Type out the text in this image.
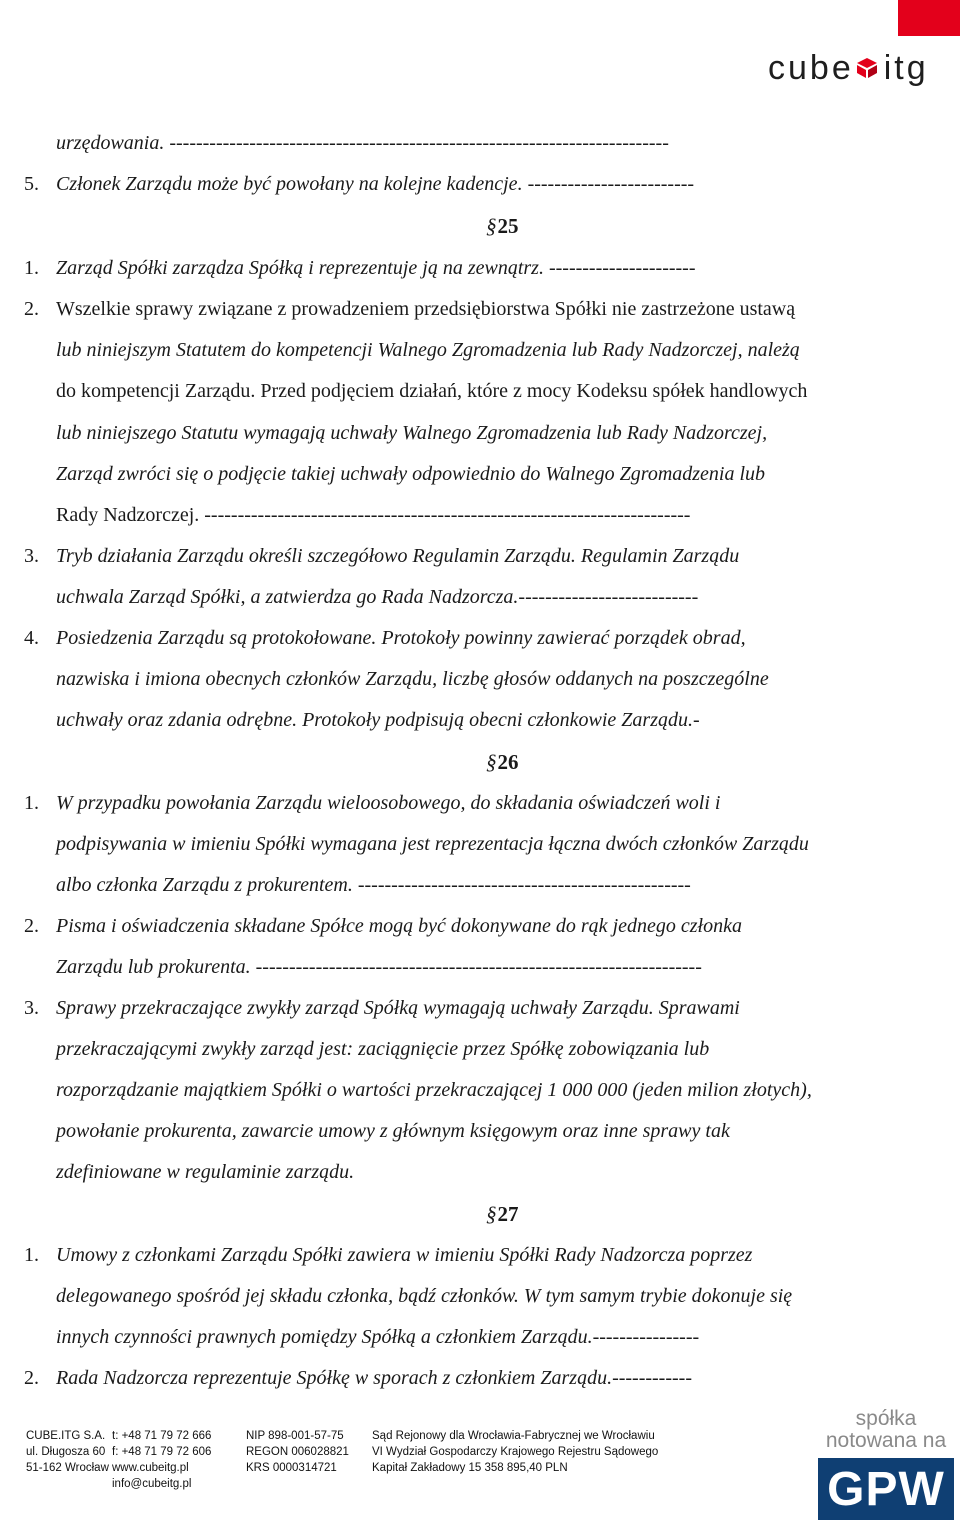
cube itg
urzędowania. ---------------------------------------------------------------------------
5. Członek Zarządu może być powołany na kolejne kadencje. -------------------------
§25
1. Zarząd Spółki zarządza Spółką i reprezentuje ją na zewnątrz. ----------------------
2. Wszelkie sprawy związane z prowadzeniem przedsiębiorstwa Spółki nie zastrzeżone ustawą
lub niniejszym Statutem do kompetencji Walnego Zgromadzenia lub Rady Nadzorczej, należą
do kompetencji Zarządu. Przed podjęciem działań, które z mocy Kodeksu spółek handlowych
lub niniejszego Statutu wymagają uchwały Walnego Zgromadzenia lub Rady Nadzorczej,
Zarząd zwróci się o podjęcie takiej uchwały odpowiednio do Walnego Zgromadzenia lub
Rady Nadzorczej. -------------------------------------------------------------------------
3. Tryb działania Zarządu określi szczegółowo Regulamin Zarządu. Regulamin Zarządu
uchwala Zarząd Spółki, a zatwierdza go Rada Nadzorcza.---------------------------
4. Posiedzenia Zarządu są protokołowane. Protokoły powinny zawierać porządek obrad,
nazwiska i imiona obecnych członków Zarządu, liczbę głosów oddanych na poszczególne
uchwały oraz zdania odrębne. Protokoły podpisują obecni członkowie Zarządu.-
§26
1. W przypadku powołania Zarządu wieloosobowego, do składania oświadczeń woli i
podpisywania w imieniu Spółki wymagana jest reprezentacja łączna dwóch członków Zarządu
albo członka Zarządu z prokurentem. --------------------------------------------------
2. Pisma i oświadczenia składane Spółce mogą być dokonywane do rąk jednego członka
Zarządu lub prokurenta. -------------------------------------------------------------------
3. Sprawy przekraczające zwykły zarząd Spółką wymagają uchwały Zarządu. Sprawami
przekraczającymi zwykły zarząd jest: zaciągnięcie przez Spółkę zobowiązania lub
rozporządzanie majątkiem Spółki o wartości przekraczającej 1 000 000 (jeden milion złotych),
powołanie prokurenta, zawarcie umowy z głównym księgowym oraz inne sprawy tak
zdefiniowane w regulaminie zarządu.
§27
1. Umowy z członkami Zarządu Spółki zawiera w imieniu Spółki Rady Nadzorcza poprzez
delegowanego spośród jej składu członka, bądź członków. W tym samym trybie dokonuje się
innych czynności prawnych pomiędzy Spółką a członkiem Zarządu.----------------
2. Rada Nadzorcza reprezentuje Spółkę w sporach z członkiem Zarządu.------------
CUBE.ITG S.A.
ul. Długosza 60
51-162 Wrocław
t: +48 71 79 72 666
f: +48 71 79 72 606
www.cubeitg.pl
info@cubeitg.pl
NIP 898-001-57-75
REGON 006028821
KRS 0000314721
Sąd Rejonowy dla Wrocławia-Fabrycznej we Wrocławiu
VI Wydział Gospodarczy Krajowego Rejestru Sądowego
Kapitał Zakładowy 15 358 895,40 PLN
spółka
notowana na
GPW
